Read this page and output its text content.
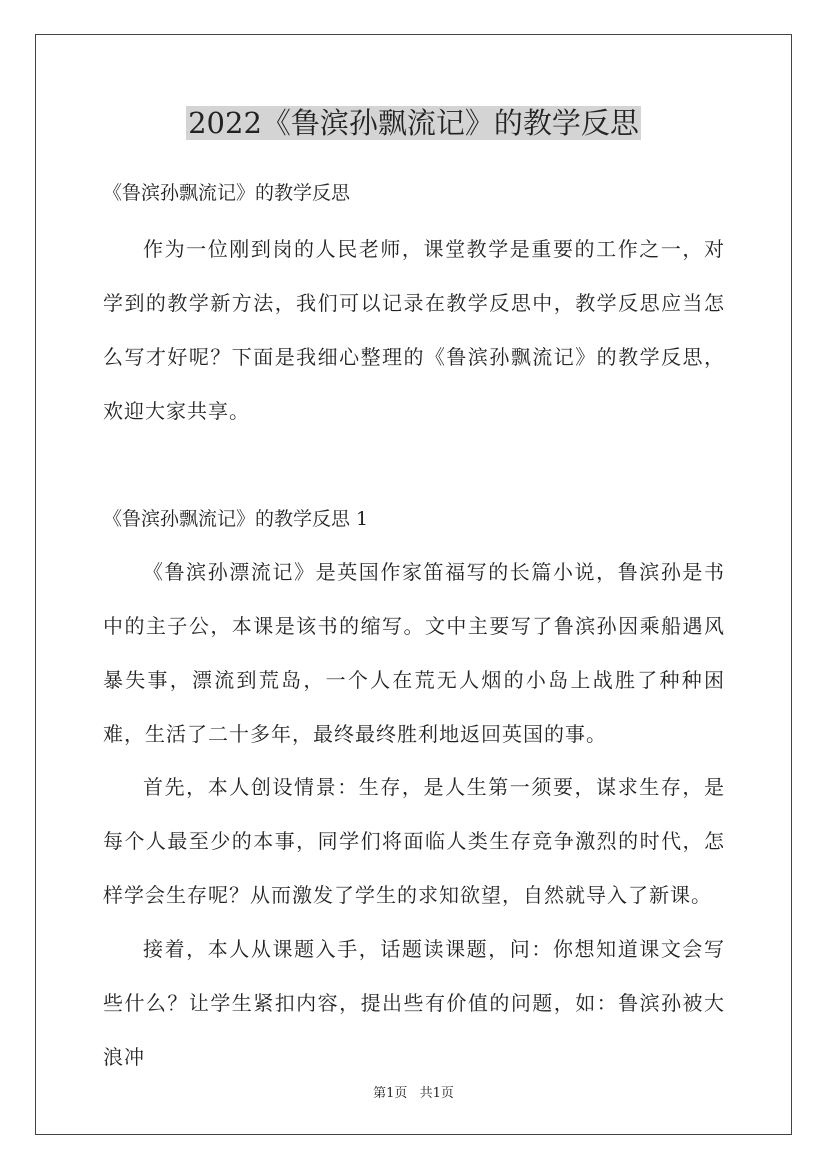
2022《鲁滨孙飘流记》的教学反思

《鲁滨孙飘流记》的教学反思

作为一位刚到岗的人民老师，课堂教学是重要的工作之一，对学到的教学新方法，我们可以记录在教学反思中，教学反思应当怎么写才好呢？下面是我细心整理的《鲁滨孙飘流记》的教学反思，欢迎大家共享。

《鲁滨孙飘流记》的教学反思 1

《鲁滨孙漂流记》是英国作家笛福写的长篇小说，鲁滨孙是书中的主子公，本课是该书的缩写。文中主要写了鲁滨孙因乘船遇风暴失事，漂流到荒岛，一个人在荒无人烟的小岛上战胜了种种困难，生活了二十多年，最终最终胜利地返回英国的事。

首先，本人创设情景：生存，是人生第一须要，谋求生存，是每个人最至少的本事，同学们将面临人类生存竞争激烈的时代，怎样学会生存呢？从而激发了学生的求知欲望，自然就导入了新课。

接着，本人从课题入手，话题读课题，问：你想知道课文会写些什么？让学生紧扣内容，提出些有价值的问题，如：鲁滨孙被大浪冲

第1页 共1页
